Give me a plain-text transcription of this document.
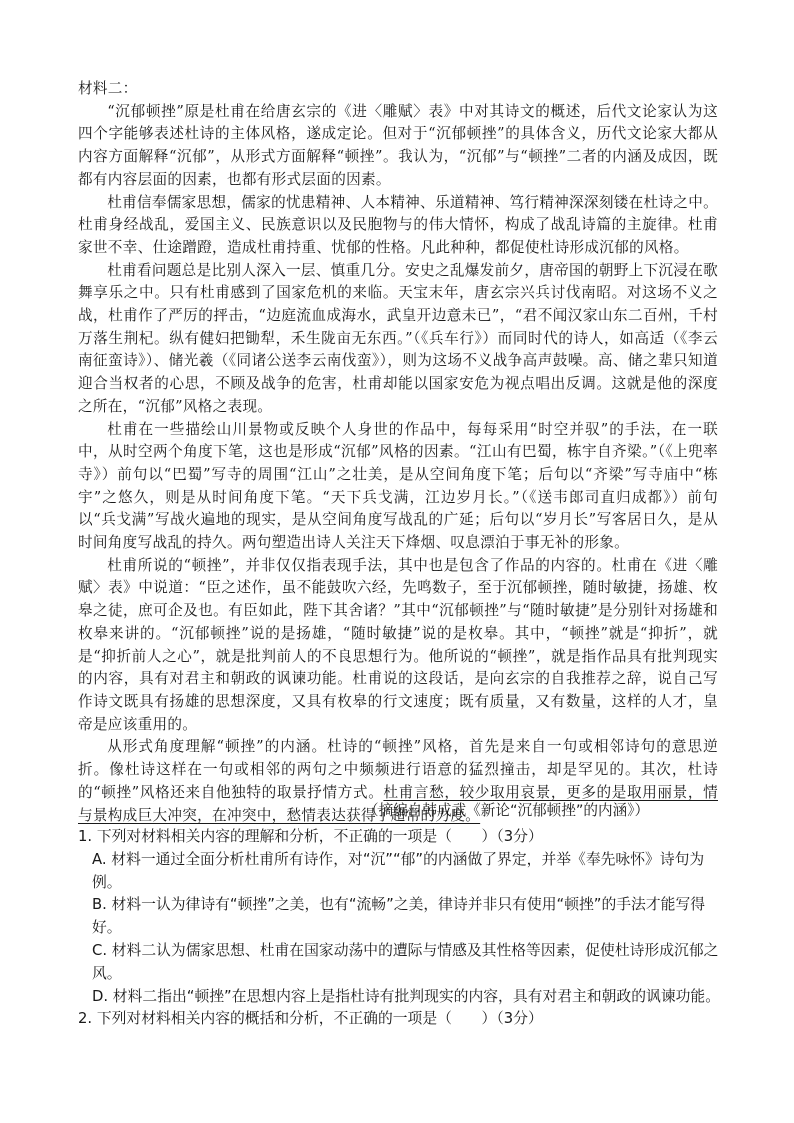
材料二：

“沉郁顿挫”原是杜甫在给唐玄宗的《进〈雕赋〉表》中对其诗文的概述，后代文论家认为这四个字能够表述杜诗的主体风格，遂成定论。但对于“沉郁顿挫”的具体含义，历代文论家大都从内容方面解释“沉郁”，从形式方面解释“顿挫”。我认为，“沉郁”与“顿挫”二者的内涵及成因，既都有内容层面的因素，也都有形式层面的因素。

杜甫信奉儒家思想，儒家的忧患精神、人本精神、乐道精神、笃行精神深深刻镂在杜诗之中。杜甫身经战乱，爱国主义、民族意识以及民胞物与的伟大情怀，构成了战乱诗篇的主旋律。杜甫家世不幸、仕途蹭蹬，造成杜甫持重、忧郁的性格。凡此种种，都促使杜诗形成沉郁的风格。

杜甫看问题总是比别人深入一层、慎重几分。安史之乱爆发前夕，唐帝国的朝野上下沉浸在歌舞享乐之中。只有杜甫感到了国家危机的来临。天宝末年，唐玄宗兴兵讨伐南昭。对这场不义之战，杜甫作了严厉的抨击，“边庭流血成海水，武皇开边意未已”，“君不闻汉家山东二百州，千村万落生荆杞。纵有健妇把锄犁，禾生陇亩无东西。”（《兵车行》）而同时代的诗人，如高适（《李云南征蛮诗》）、储光羲（《同诸公送李云南伐蛮》），则为这场不义战争高声鼓噪。高、储之辈只知道迎合当权者的心思，不顾及战争的危害，杜甫却能以国家安危为视点唱出反调。这就是他的深度之所在，“沉郁”风格之表现。

杜甫在一些描绘山川景物或反映个人身世的作品中，每每采用“时空并驭”的手法，在一联中，从时空两个角度下笔，这也是形成“沉郁”风格的因素。“江山有巴蜀，栋宇自齐梁。”（《上兜率寺》）前句以“巴蜀”写寺的周围“江山”之壮美，是从空间角度下笔；后句以“齐梁”写寺庙中“栋宇”之悠久，则是从时间角度下笔。“天下兵戈满，江边岁月长。”（《送韦郎司直归成都》）前句以“兵戈满”写战火遍地的现实，是从空间角度写战乱的广延；后句以“岁月长”写客居日久，是从时间角度写战乱的持久。两句塑造出诗人关注天下烽烟、叹息漂泊于事无补的形象。

杜甫所说的“顿挫”，并非仅仅指表现手法，其中也是包含了作品的内容的。杜甫在《进〈雕赋〉表》中说道：“臣之述作，虽不能鼓吹六经，先鸣数子，至于沉郁顿挫，随时敏捷，扬雄、枚皋之徒，庶可企及也。有臣如此，陛下其舍诸？”其中“沉郁顿挫”与“随时敏捷”是分别针对扬雄和枚皋来讲的。“沉郁顿挫”说的是扬雄，“随时敏捷”说的是枚皋。其中，“顿挫”就是“抑折”，就是“抑折前人之心”，就是批判前人的不良思想行为。他所说的“顿挫”，就是指作品具有批判现实的内容，具有对君主和朝政的讽谏功能。杜甫说的这段话，是向玄宗的自我推荐之辞，说自己写作诗文既具有扬雄的思想深度，又具有枚皋的行文速度；既有质量，又有数量，这样的人才，皇帝是应该重用的。

从形式角度理解“顿挫”的内涵。杜诗的“顿挫”风格，首先是来自一句或相邻诗句的意思逆折。像杜诗这样在一句或相邻的两句之中频频进行语意的猛烈撞击，却是罕见的。其次，杜诗的“顿挫”风格还来自他独特的取景抒情方式。杜甫言愁，较少取用哀景，更多的是取用丽景，情与景构成巨大冲突，在冲突中，愁情表达获得了超常的力度。

（摘编自韩成武《新论“沉郁顿挫”的内涵》）
1. 下列对材料相关内容的理解和分析，不正确的一项是（　　）（3分）
A. 材料一通过全面分析杜甫所有诗作，对“沉”“郁”的内涵做了界定，并举《奉先咏怀》诗句为例。
B. 材料一认为律诗有“顿挫”之美，也有“流畅”之美，律诗并非只有使用“顿挫”的手法才能写得好。
C. 材料二认为儒家思想、杜甫在国家动荡中的遭际与情感及其性格等因素，促使杜诗形成沉郁之风。
D. 材料二指出“顿挫”在思想内容上是指杜诗有批判现实的内容，具有对君主和朝政的讽谏功能。
2. 下列对材料相关内容的概括和分析，不正确的一项是（　　）（3分）
